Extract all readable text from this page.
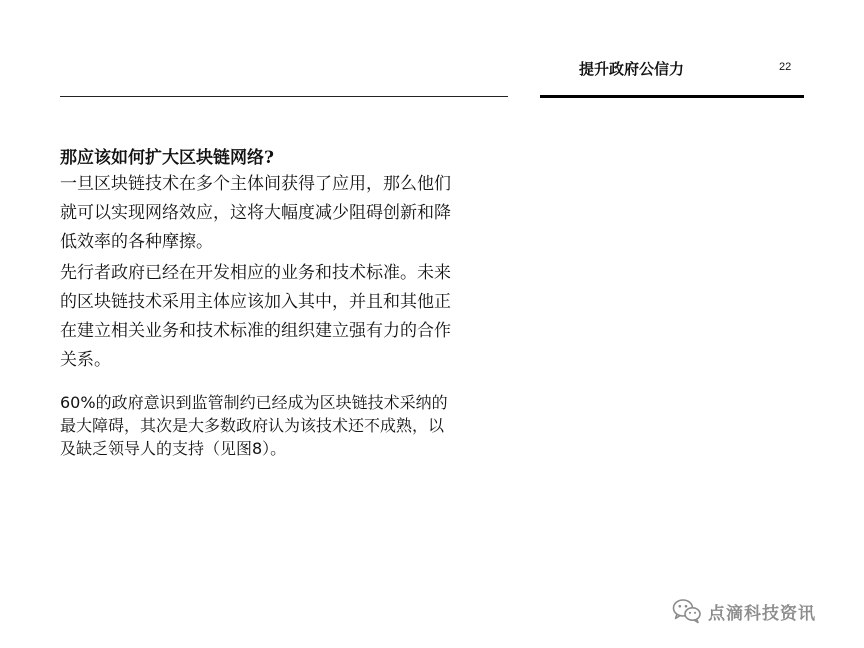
提升政府公信力	22
那应该如何扩大区块链网络?
一旦区块链技术在多个主体间获得了应用，那么他们
就可以实现网络效应，这将大幅度减少阻碍创新和降
低效率的各种摩擦。
先行者政府已经在开发相应的业务和技术标准。未来
的区块链技术采用主体应该加入其中，并且和其他正
在建立相关业务和技术标准的组织建立强有力的合作
关系。
60%的政府意识到监管制约已经成为区块链技术采纳的
最大障碍，其次是大多数政府认为该技术还不成熟，以
及缺乏领导人的支持（见图8）。
点滴科技资讯
